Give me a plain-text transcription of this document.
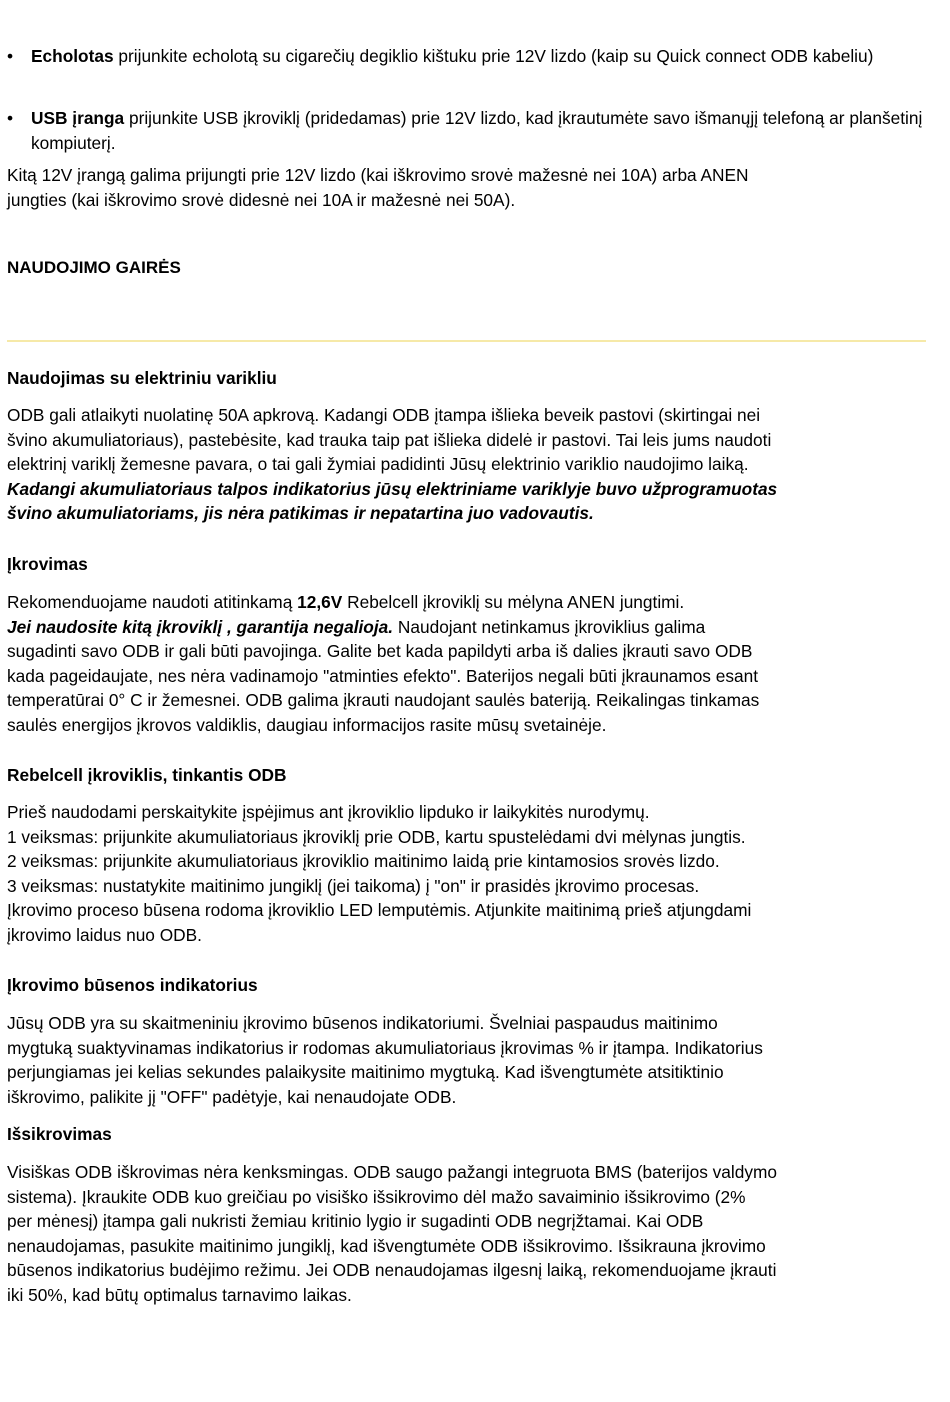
•	Echolotas prijunkite echolotą su cigarečių degiklio kištuku prie 12V lizdo (kaip su Quick connect ODB kabeliu)

•	USB įranga prijunkite USB įkroviklį (pridedamas) prie 12V lizdo, kad įkrautumėte savo išmanųjį telefoną ar planšetinį kompiuterį.

Kitą 12V įrangą galima prijungti prie 12V lizdo (kai iškrovimo srovė mažesnė nei 10A) arba ANEN
jungties (kai iškrovimo srovė didesnė nei 10A ir mažesnė nei 50A).

NAUDOJIMO GAIRĖS

Naudojimas su elektriniu varikliu

ODB gali atlaikyti nuolatinę 50A apkrovą. Kadangi ODB įtampa išlieka beveik pastovi (skirtingai nei
švino akumuliatoriaus), pastebėsite, kad trauka taip pat išlieka didelė ir pastovi. Tai leis jums naudoti
elektrinį variklį žemesne pavara, o tai gali žymiai padidinti Jūsų elektrinio variklio naudojimo laiką.
Kadangi akumuliatoriaus talpos indikatorius jūsų elektriniame variklyje buvo užprogramuotas
švino akumuliatoriams, jis nėra patikimas ir nepatartina juo vadovautis.

Įkrovimas

Rekomenduojame naudoti atitinkamą 12,6V Rebelcell įkroviklį su mėlyna ANEN jungtimi.
Jei naudosite kitą įkroviklį , garantija negalioja. Naudojant netinkamus įkroviklius galima
sugadinti savo ODB ir gali būti pavojinga. Galite bet kada papildyti arba iš dalies įkrauti savo ODB
kada pageidaujate, nes nėra vadinamojo "atminties efekto". Baterijos negali būti įkraunamos esant
temperatūrai 0° C ir žemesnei. ODB galima įkrauti naudojant saulės bateriją. Reikalingas tinkamas
saulės energijos įkrovos valdiklis, daugiau informacijos rasite mūsų svetainėje.

Rebelcell įkroviklis, tinkantis ODB

Prieš naudodami perskaitykite įspėjimus ant įkroviklio lipduko ir laikykitės nurodymų.
1 veiksmas: prijunkite akumuliatoriaus įkroviklį prie ODB, kartu spustelėdami dvi mėlynas jungtis.
2 veiksmas: prijunkite akumuliatoriaus įkroviklio maitinimo laidą prie kintamosios srovės lizdo.
3 veiksmas: nustatykite maitinimo jungiklį (jei taikoma) į "on" ir prasidės įkrovimo procesas.
Įkrovimo proceso būsena rodoma įkroviklio LED lemputėmis. Atjunkite maitinimą prieš atjungdami
įkrovimo laidus nuo ODB.

Įkrovimo būsenos indikatorius

Jūsų ODB yra su skaitmeniniu įkrovimo būsenos indikatoriumi. Švelniai paspaudus maitinimo
mygtuką suaktyvinamas indikatorius ir rodomas akumuliatoriaus įkrovimas % ir įtampa. Indikatorius
perjungiamas jei kelias sekundes palaikysite maitinimo mygtuką. Kad išvengtumėte atsitiktinio
iškrovimo, palikite jį "OFF" padėtyje, kai nenaudojate ODB.

Išsikrovimas

Visiškas ODB iškrovimas nėra kenksmingas. ODB saugo pažangi integruota BMS (baterijos valdymo
sistema). Įkraukite ODB kuo greičiau po visiško išsikrovimo dėl mažo savaiminio išsikrovimo (2%
per mėnesį) įtampa gali nukristi žemiau kritinio lygio ir sugadinti ODB negrįžtamai. Kai ODB
nenaudojamas, pasukite maitinimo jungiklį, kad išvengtumėte ODB išsikrovimo. Išsikrauna įkrovimo
būsenos indikatorius budėjimo režimu. Jei ODB nenaudojamas ilgesnį laiką, rekomenduojame įkrauti
iki 50%, kad būtų optimalus tarnavimo laikas.
